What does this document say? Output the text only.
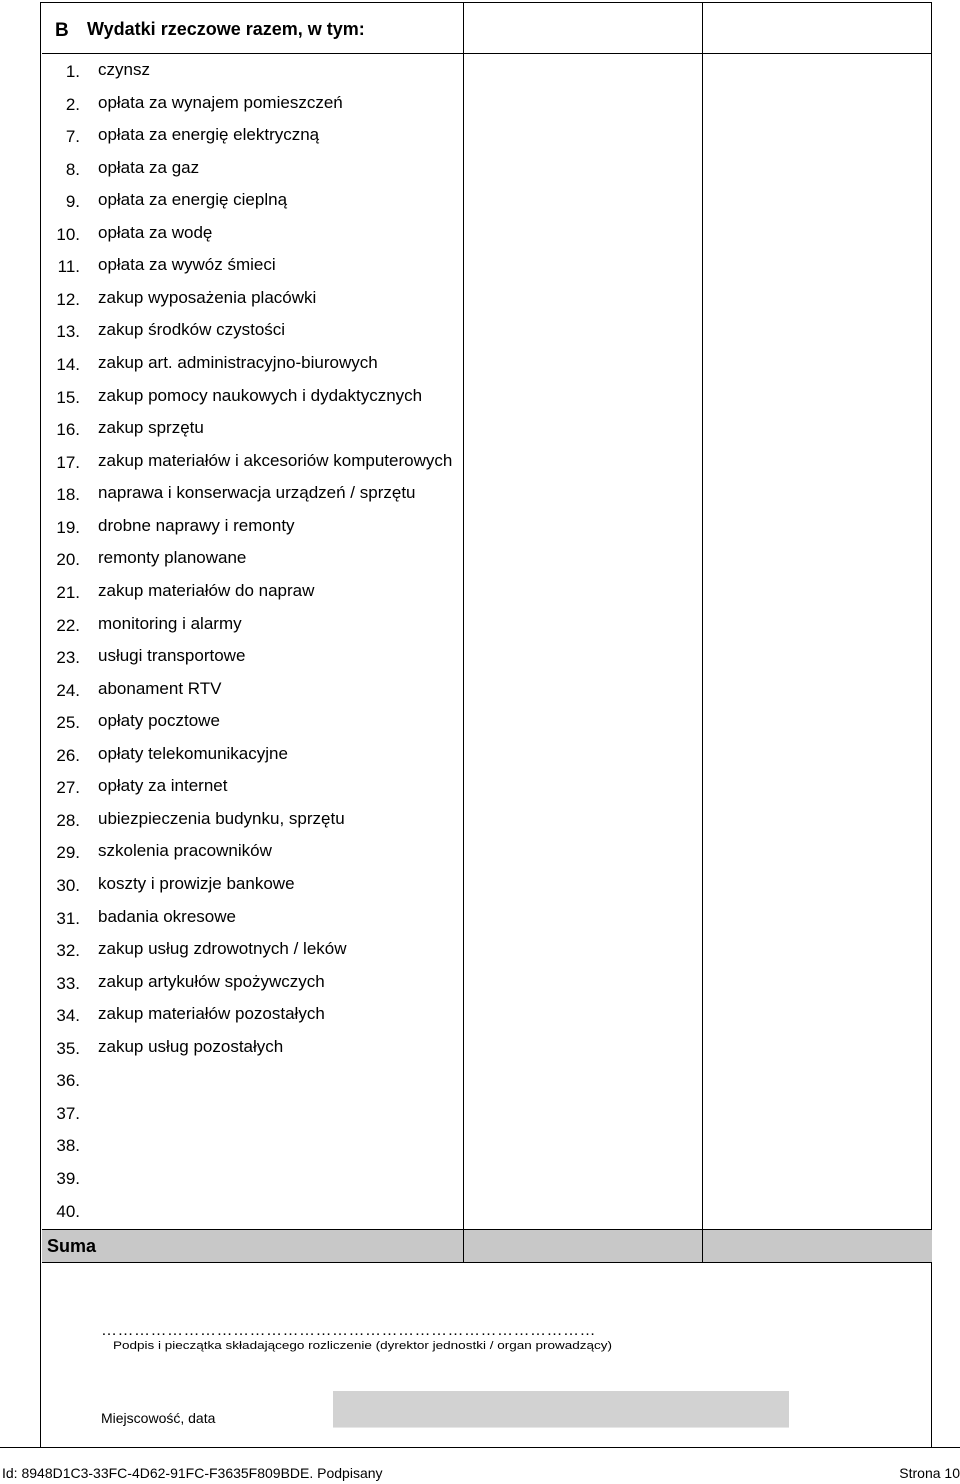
B Wydatki rzeczowe razem, w tym:
1. czynsz
2. opłata za wynajem pomieszczeń
7. opłata za energię elektryczną
8. opłata za gaz
9. opłata za energię cieplną
10. opłata za wodę
11. opłata za wywóz śmieci
12. zakup wyposażenia placówki
13. zakup środków czystości
14. zakup art. administracyjno-biurowych
15. zakup pomocy naukowych i dydaktycznych
16. zakup sprzętu
17. zakup materiałów i akcesoriów komputerowych
18. naprawa i konserwacja urządzeń / sprzętu
19. drobne naprawy i remonty
20. remonty planowane
21. zakup materiałów do napraw
22. monitoring i alarmy
23. usługi transportowe
24. abonament RTV
25. opłaty pocztowe
26. opłaty telekomunikacyjne
27. opłaty za internet
28. ubiezpieczenia budynku, sprzętu
29. szkolenia pracowników
30. koszty i prowizje bankowe
31. badania okresowe
32. zakup usług zdrowotnych / leków
33. zakup artykułów spożywczych
34. zakup materiałów pozostałych
35. zakup usług pozostałych
36.
37.
38.
39.
40.
Suma
………………………………………………………………………………
Podpis i pieczątka składającego rozliczenie (dyrektor jednostki / organ prowadzący)
Miejscowość, data
Id: 8948D1C3-33FC-4D62-91FC-F3635F809BDE. Podpisany	Strona 10
